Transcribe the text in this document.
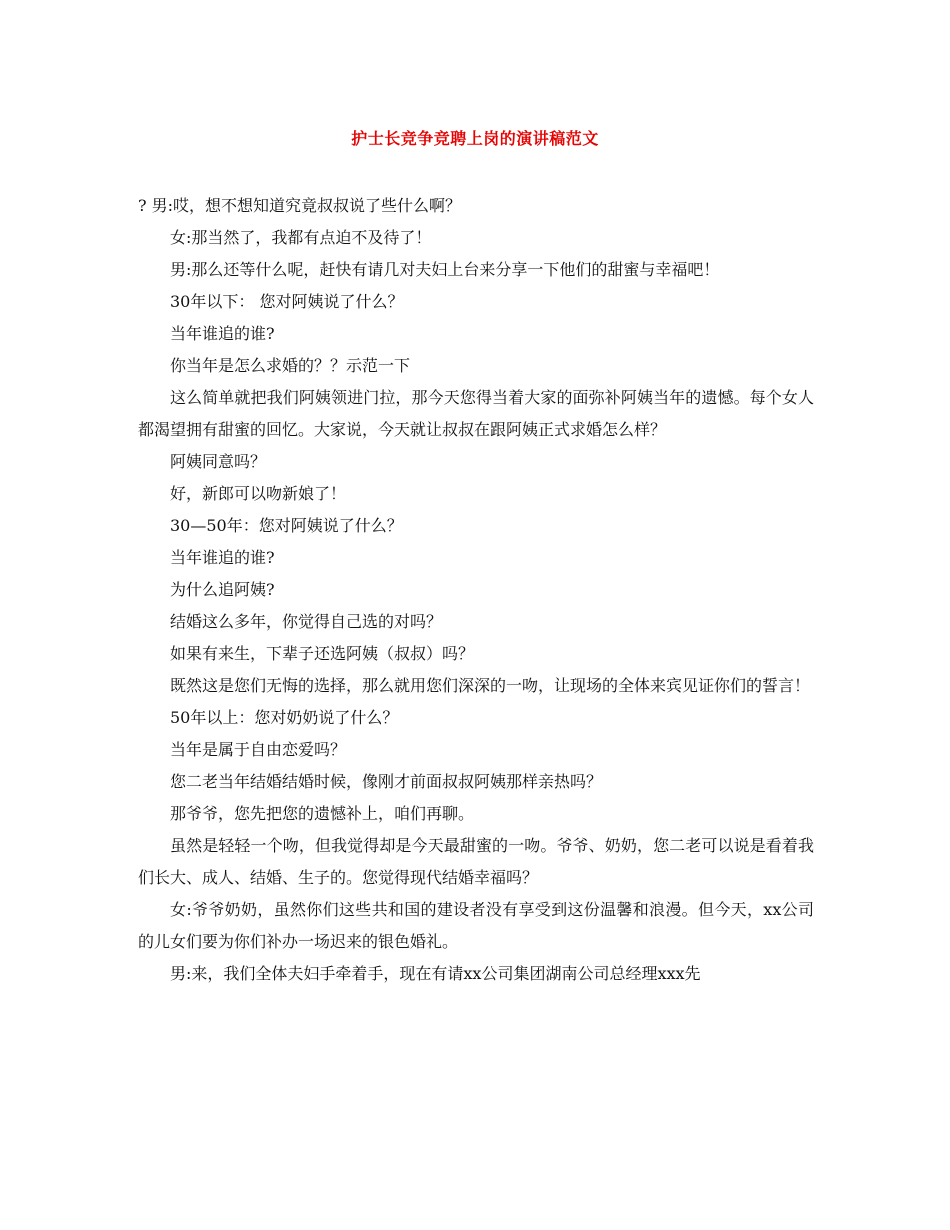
护士长竞争竞聘上岗的演讲稿范文

? 男:哎，想不想知道究竟叔叔说了些什么啊？

女:那当然了，我都有点迫不及待了！

男:那么还等什么呢，赶快有请几对夫妇上台来分享一下他们的甜蜜与幸福吧！

30年以下： 您对阿姨说了什么？

当年谁追的谁?

你当年是怎么求婚的？？示范一下

这么简单就把我们阿姨领进门拉，那今天您得当着大家的面弥补阿姨当年的遗憾。每个女人都渴望拥有甜蜜的回忆。大家说，今天就让叔叔在跟阿姨正式求婚怎么样？

阿姨同意吗？

好，新郎可以吻新娘了！

30—50年：您对阿姨说了什么？

当年谁追的谁?

为什么追阿姨?

结婚这么多年，你觉得自己选的对吗？

如果有来生，下辈子还选阿姨（叔叔）吗？

既然这是您们无悔的选择，那么就用您们深深的一吻，让现场的全体来宾见证你们的誓言！

50年以上：您对奶奶说了什么？

当年是属于自由恋爱吗？

您二老当年结婚结婚时候，像刚才前面叔叔阿姨那样亲热吗？

那爷爷，您先把您的遗憾补上，咱们再聊。

虽然是轻轻一个吻，但我觉得却是今天最甜蜜的一吻。爷爷、奶奶，您二老可以说是看着我们长大、成人、结婚、生子的。您觉得现代结婚幸福吗？

女:爷爷奶奶，虽然你们这些共和国的建设者没有享受到这份温馨和浪漫。但今天，xx公司的儿女们要为你们补办一场迟来的银色婚礼。

男:来，我们全体夫妇手牵着手，现在有请xx公司集团湖南公司总经理xxx先
